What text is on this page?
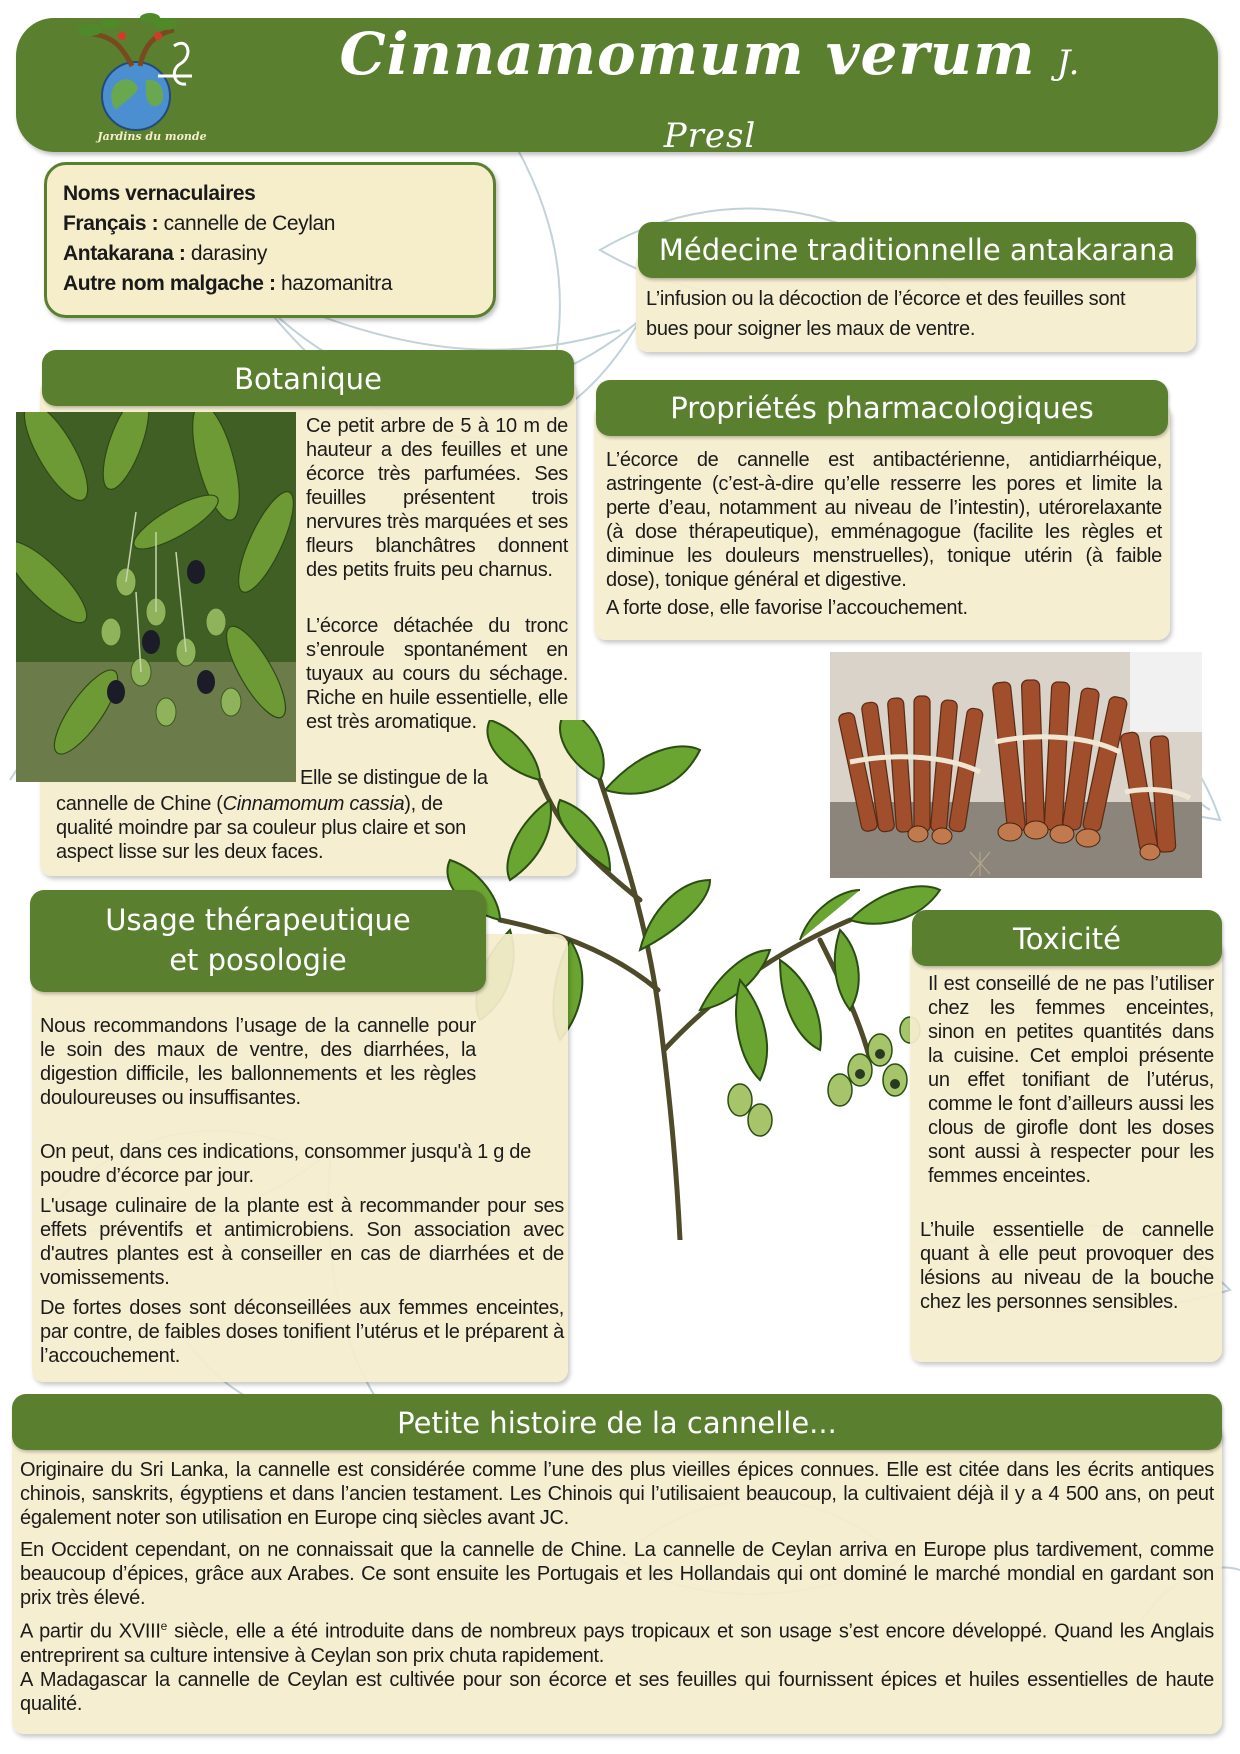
Jardins du monde
Cinnamomum verum J. Presl
Lauraceae
Noms vernaculaires
Français : cannelle de Ceylan
Antakarana : darasiny
Autre nom malgache : hazomanitra
Médecine traditionnelle antakarana
L’infusion ou la décoction de l’écorce et des feuilles sont bues pour soigner les maux de ventre.
Botanique
Ce petit arbre de 5 à 10 m de hauteur a des feuilles et une écorce très parfumées. Ses feuilles présentent trois nervures très marquées et ses fleurs blanchâtres donnent des petits fruits peu charnus.
L’écorce détachée du tronc s’enroule spontanément en tuyaux au cours du séchage. Riche en huile essentielle, elle est très aromatique.
Elle se distingue de la
cannelle de Chine (Cinnamomum cassia), de qualité moindre par sa couleur plus claire et son aspect lisse sur les deux faces.
Propriétés pharmacologiques
L’écorce de cannelle est antibactérienne, antidiarrhéique, astringente (c’est-à-dire qu’elle resserre les pores et limite la perte d’eau, notamment au niveau de l’intestin), utérorelaxante (à dose thérapeutique), emménagogue (facilite les règles et diminue les douleurs menstruelles), tonique utérin (à faible dose), tonique général et digestive.
A forte dose, elle favorise l’accouchement.
Usage thérapeutique
et posologie
Nous recommandons l’usage de la cannelle pour le soin des maux de ventre, des diarrhées, la digestion difficile, les ballonnements et les règles douloureuses ou insuffisantes.
On peut, dans ces indications, consommer jusqu'à 1 g de poudre d’écorce par jour.
L'usage culinaire de la plante est à recommander pour ses effets préventifs et antimicrobiens. Son association avec d'autres plantes est à conseiller en cas de diarrhées et de vomissements.
De fortes doses sont déconseillées aux femmes enceintes, par contre, de faibles doses tonifient l’utérus et le préparent à l’accouchement.
Toxicité
Il est conseillé de ne pas l’utiliser chez les femmes enceintes, sinon en petites quantités dans la cuisine. Cet emploi présente un effet tonifiant de l’utérus, comme le font d’ailleurs aussi les clous de girofle dont les doses sont aussi à respecter pour les femmes enceintes.
L’huile essentielle de cannelle quant à elle peut provoquer des lésions au niveau de la bouche chez les personnes sensibles.
Petite histoire de la cannelle...
Originaire du Sri Lanka, la cannelle est considérée comme l’une des plus vieilles épices connues. Elle est citée dans les écrits antiques chinois, sanskrits, égyptiens et dans l’ancien testament. Les Chinois qui l’utilisaient beaucoup, la cultivaient déjà il y a 4 500 ans, on peut également noter son utilisation en Europe cinq siècles avant JC.
En Occident cependant, on ne connaissait que la cannelle de Chine. La cannelle de Ceylan arriva en Europe plus tardivement, comme beaucoup d’épices, grâce aux Arabes. Ce sont ensuite les Portugais et les Hollandais qui ont dominé le marché mondial en gardant son prix très élevé.
A partir du XVIIIe siècle, elle a été introduite dans de nombreux pays tropicaux et son usage s’est encore développé. Quand les Anglais entreprirent sa culture intensive à Ceylan son prix chuta rapidement.
A Madagascar la cannelle de Ceylan est cultivée pour son écorce et ses feuilles qui fournissent épices et huiles essentielles de haute qualité.
